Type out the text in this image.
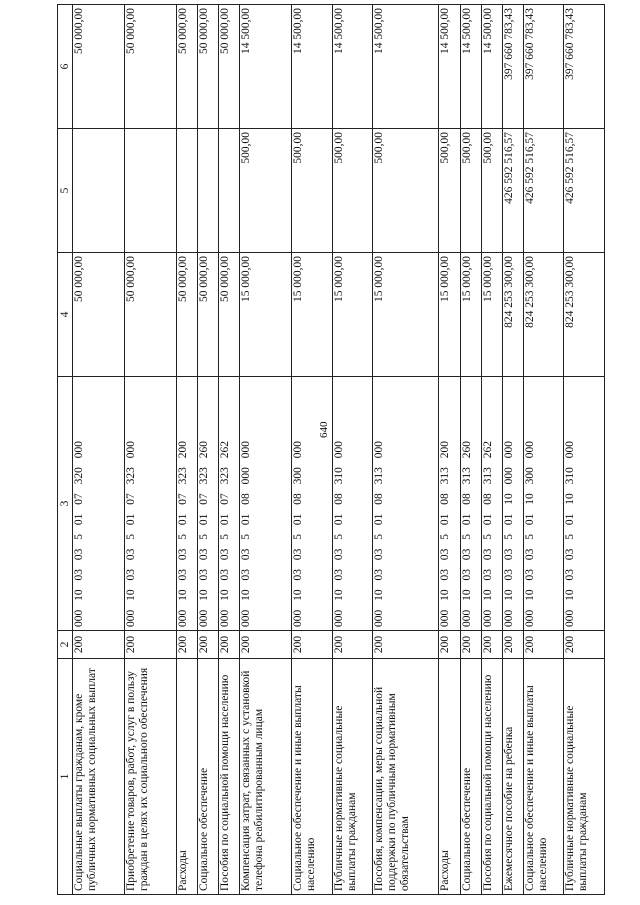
640
1	2	3	4	5	6
Социальные выплаты гражданам, кроме публичных нормативных социальных выплат	200	000 10 03 03 5 01 07 320 000	50 000,00		50 000,00
Приобретение товаров, работ, услуг в пользу граждан в целях их социального обеспечения	200	000 10 03 03 5 01 07 323 000	50 000,00		50 000,00
Расходы	200	000 10 03 03 5 01 07 323 200	50 000,00		50 000,00
Социальное обеспечение	200	000 10 03 03 5 01 07 323 260	50 000,00		50 000,00
Пособия по социальной помощи населению	200	000 10 03 03 5 01 07 323 262	50 000,00		50 000,00
Компенсация затрат, связанных с установкой телефона реабилитированным лицам	200	000 10 03 03 5 01 08 000 000	15 000,00	500,00	14 500,00
Социальное обеспечение и иные выплаты населению	200	000 10 03 03 5 01 08 300 000	15 000,00	500,00	14 500,00
Публичные нормативные социальные выплаты гражданам	200	000 10 03 03 5 01 08 310 000	15 000,00	500,00	14 500,00
Пособия, компенсации, меры социальной поддержки по публичным нормативным обязательствам	200	000 10 03 03 5 01 08 313 000	15 000,00	500,00	14 500,00
Расходы	200	000 10 03 03 5 01 08 313 200	15 000,00	500,00	14 500,00
Социальное обеспечение	200	000 10 03 03 5 01 08 313 260	15 000,00	500,00	14 500,00
Пособия по социальной помощи населению	200	000 10 03 03 5 01 08 313 262	15 000,00	500,00	14 500,00
Ежемесячное пособие на ребенка	200	000 10 03 03 5 01 10 000 000	824 253 300,00	426 592 516,57	397 660 783,43
Социальное обеспечение и иные выплаты населению	200	000 10 03 03 5 01 10 300 000	824 253 300,00	426 592 516,57	397 660 783,43
Публичные нормативные социальные выплаты гражданам	200	000 10 03 03 5 01 10 310 000	824 253 300,00	426 592 516,57	397 660 783,43
